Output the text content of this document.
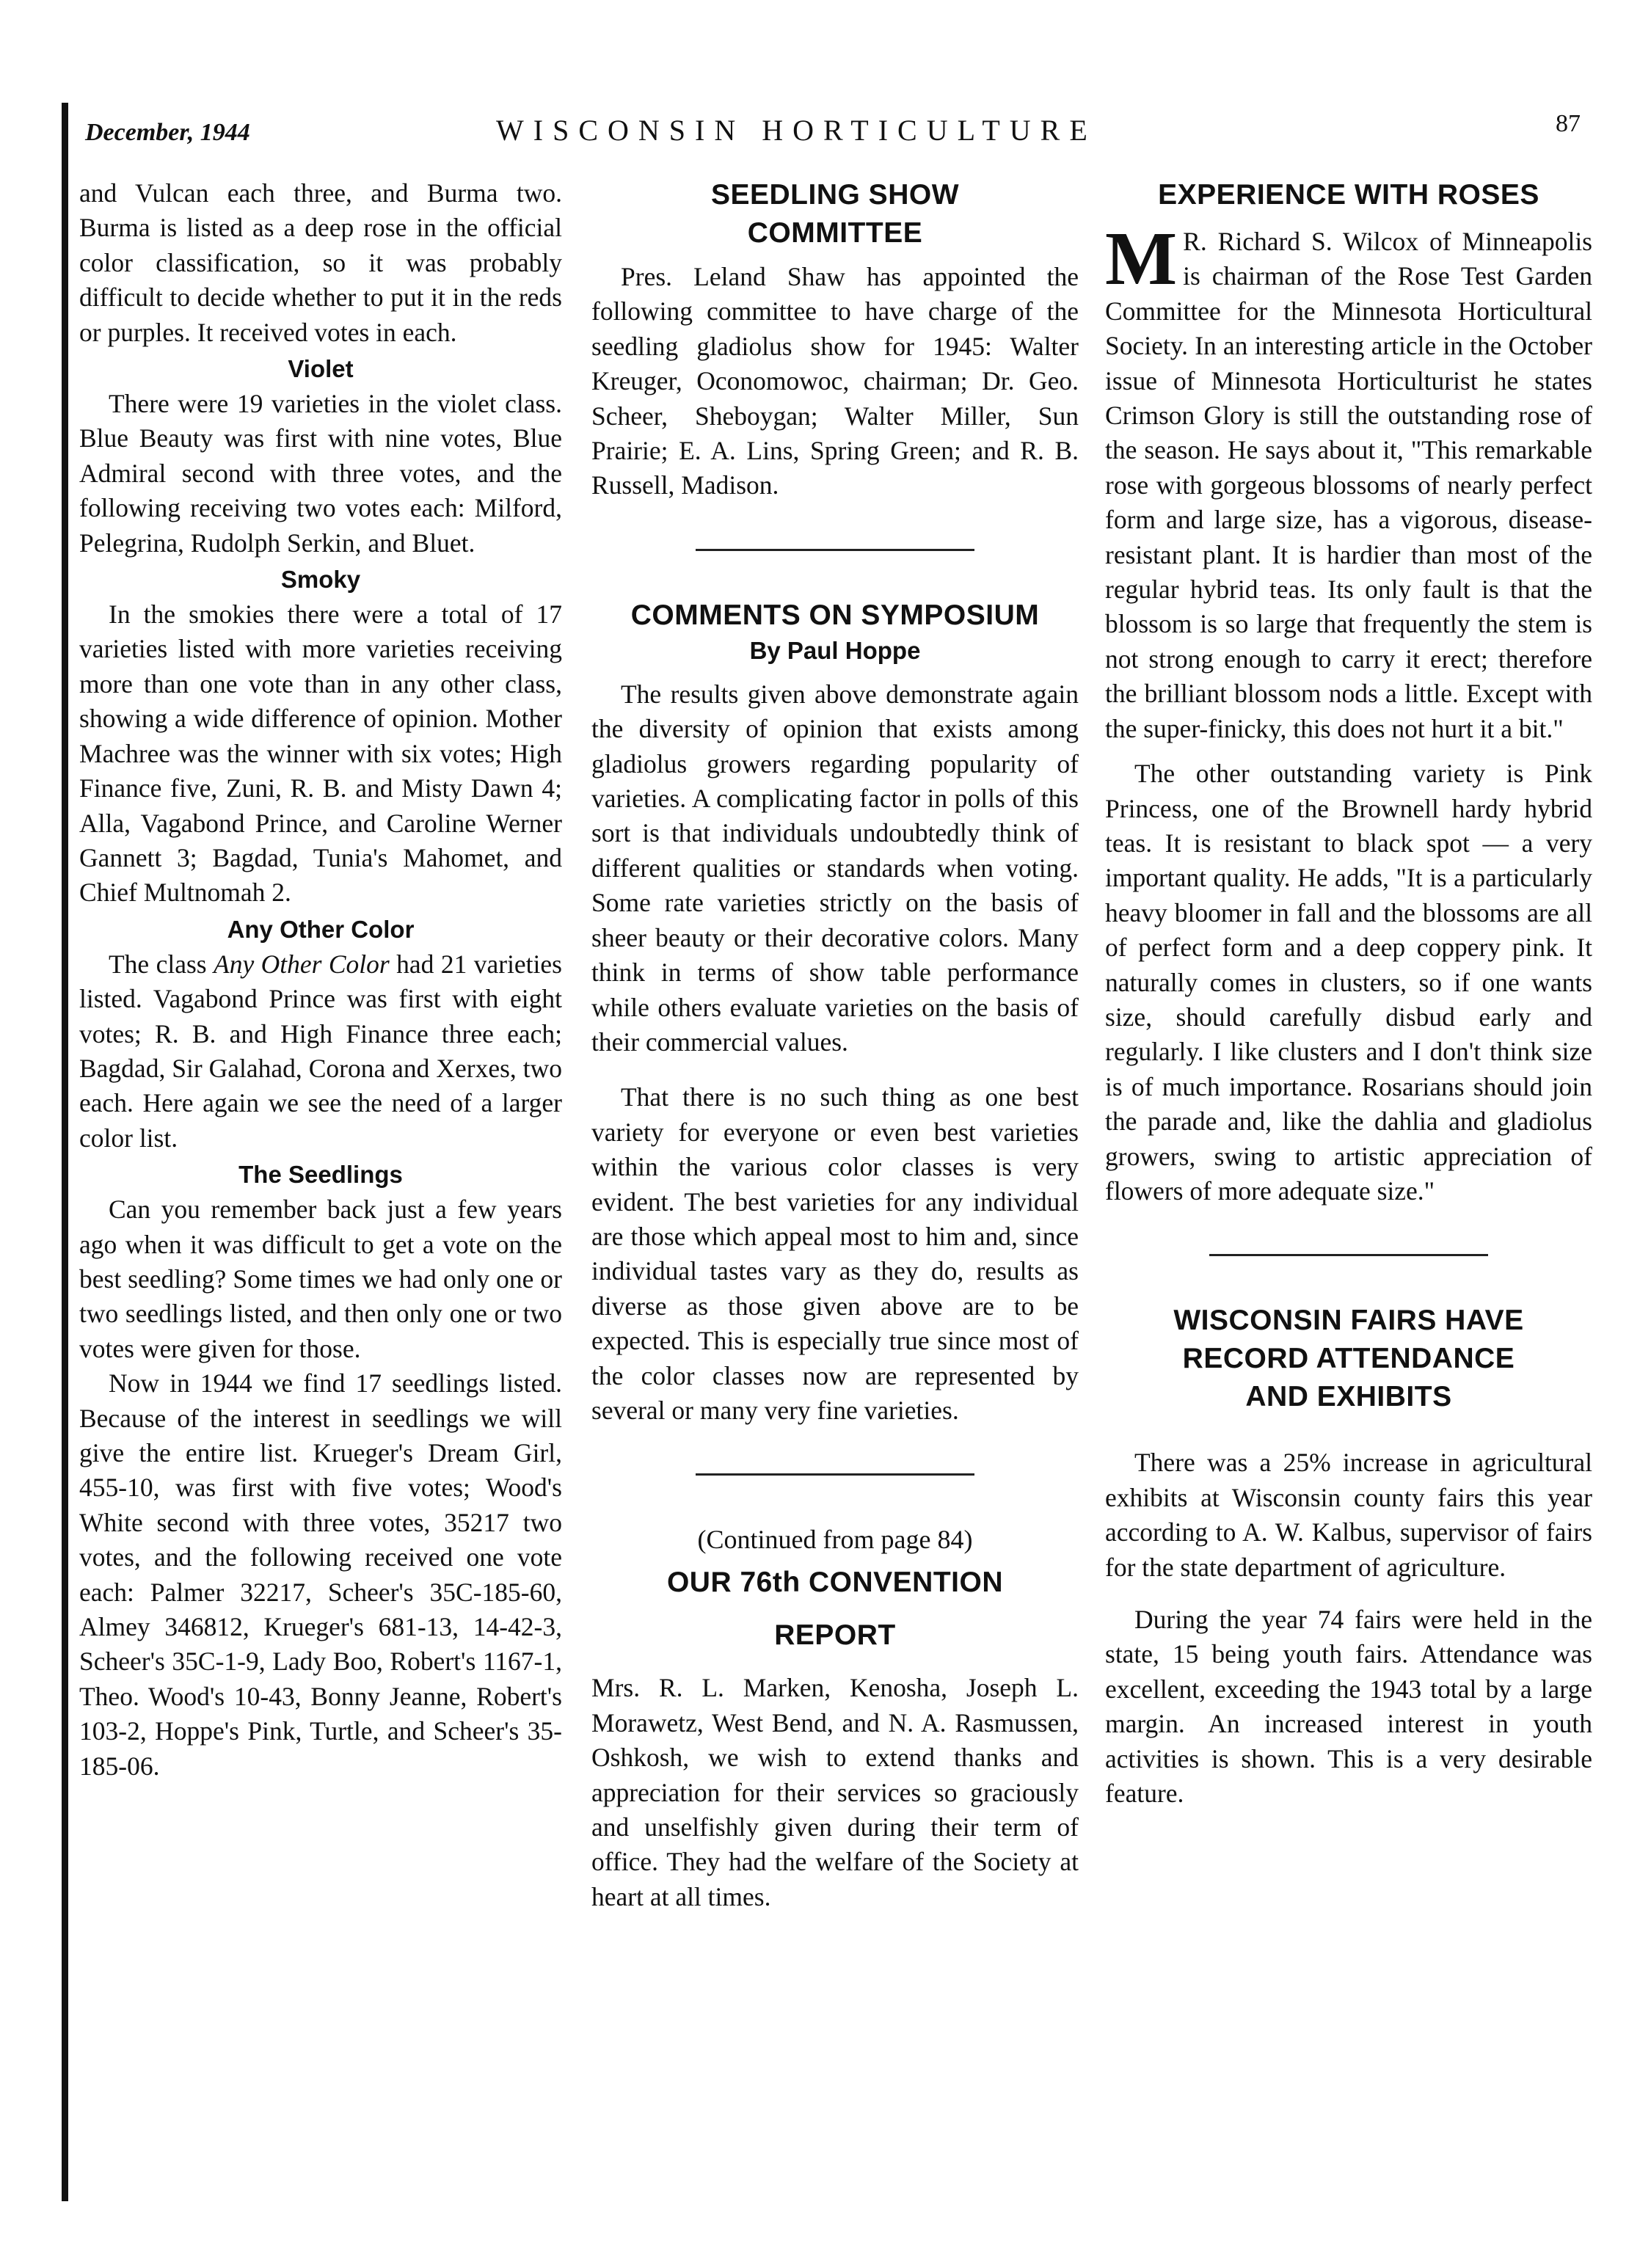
December, 1944	WISCONSIN HORTICULTURE	87

and Vulcan each three, and Burma two. Burma is listed as a deep rose in the official color classification, so it was probably difficult to decide whether to put it in the reds or purples. It received votes in each.

Violet

There were 19 varieties in the violet class. Blue Beauty was first with nine votes, Blue Admiral second with three votes, and the following receiving two votes each: Milford, Pelegrina, Rudolph Serkin, and Bluet.

Smoky

In the smokies there were a total of 17 varieties listed with more varieties receiving more than one vote than in any other class, showing a wide difference of opinion. Mother Machree was the winner with six votes; High Finance five, Zuni, R. B. and Misty Dawn 4; Alla, Vagabond Prince, and Caroline Werner Gannett 3; Bagdad, Tunia's Mahomet, and Chief Multnomah 2.

Any Other Color

The class Any Other Color had 21 varieties listed. Vagabond Prince was first with eight votes; R. B. and High Finance three each; Bagdad, Sir Galahad, Corona and Xerxes, two each. Here again we see the need of a larger color list.

The Seedlings

Can you remember back just a few years ago when it was difficult to get a vote on the best seedling? Some times we had only one or two seedlings listed, and then only one or two votes were given for those.

Now in 1944 we find 17 seedlings listed. Because of the interest in seedlings we will give the entire list. Krueger's Dream Girl, 455-10, was first with five votes; Wood's White second with three votes, 35217 two votes, and the following received one vote each: Palmer 32217, Scheer's 35C-185-60, Almey 346812, Krueger's 681-13, 14-42-3, Scheer's 35C-1-9, Lady Boo, Robert's 1167-1, Theo. Wood's 10-43, Bonny Jeanne, Robert's 103-2, Hoppe's Pink, Turtle, and Scheer's 35-185-06.

SEEDLING SHOW COMMITTEE

Pres. Leland Shaw has appointed the following committee to have charge of the seedling gladiolus show for 1945: Walter Kreuger, Oconomowoc, chairman; Dr. Geo. Scheer, Sheboygan; Walter Miller, Sun Prairie; E. A. Lins, Spring Green; and R. B. Russell, Madison.

COMMENTS ON SYMPOSIUM
By Paul Hoppe

The results given above demonstrate again the diversity of opinion that exists among gladiolus growers regarding popularity of varieties. A complicating factor in polls of this sort is that individuals undoubtedly think of different qualities or standards when voting. Some rate varieties strictly on the basis of sheer beauty or their decorative colors. Many think in terms of show table performance while others evaluate varieties on the basis of their commercial values.

That there is no such thing as one best variety for everyone or even best varieties within the various color classes is very evident. The best varieties for any individual are those which appeal most to him and, since individual tastes vary as they do, results as diverse as those given above are to be expected. This is especially true since most of the color classes now are represented by several or many very fine varieties.

(Continued from page 84)
OUR 76th CONVENTION
REPORT

Mrs. R. L. Marken, Kenosha, Joseph L. Morawetz, West Bend, and N. A. Rasmussen, Oshkosh, we wish to extend thanks and appreciation for their services so graciously and unselfishly given during their term of office. They had the welfare of the Society at heart at all times.

EXPERIENCE WITH ROSES

M R. Richard S. Wilcox of Minneapolis is chairman of the Rose Test Garden Committee for the Minnesota Horticultural Society. In an interesting article in the October issue of Minnesota Horticulturist he states Crimson Glory is still the outstanding rose of the season. He says about it, "This remarkable rose with gorgeous blossoms of nearly perfect form and large size, has a vigorous, disease-resistant plant. It is hardier than most of the regular hybrid teas. Its only fault is that the blossom is so large that frequently the stem is not strong enough to carry it erect; therefore the brilliant blossom nods a little. Except with the super-finicky, this does not hurt it a bit."

The other outstanding variety is Pink Princess, one of the Brownell hardy hybrid teas. It is resistant to black spot — a very important quality. He adds, "It is a particularly heavy bloomer in fall and the blossoms are all of perfect form and a deep coppery pink. It naturally comes in clusters, so if one wants size, should carefully disbud early and regularly. I like clusters and I don't think size is of much importance. Rosarians should join the parade and, like the dahlia and gladiolus growers, swing to artistic appreciation of flowers of more adequate size."

WISCONSIN FAIRS HAVE
RECORD ATTENDANCE
AND EXHIBITS

There was a 25% increase in agricultural exhibits at Wisconsin county fairs this year according to A. W. Kalbus, supervisor of fairs for the state department of agriculture.

During the year 74 fairs were held in the state, 15 being youth fairs. Attendance was excellent, exceeding the 1943 total by a large margin. An increased interest in youth activities is shown. This is a very desirable feature.
